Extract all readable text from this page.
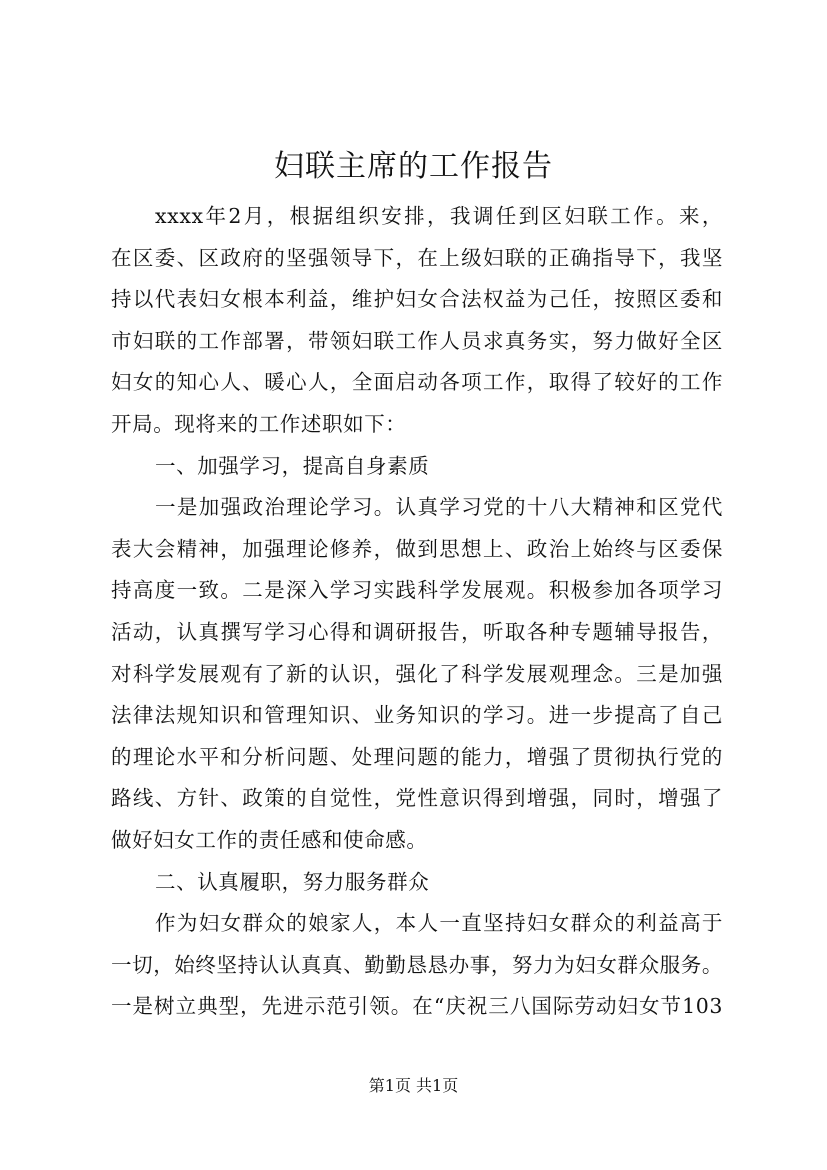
妇联主席的工作报告
xxxx年2月，根据组织安排，我调任到区妇联工作。来，
在区委、区政府的坚强领导下，在上级妇联的正确指导下，我坚
持以代表妇女根本利益，维护妇女合法权益为己任，按照区委和
市妇联的工作部署，带领妇联工作人员求真务实，努力做好全区
妇女的知心人、暖心人，全面启动各项工作，取得了较好的工作
开局。现将来的工作述职如下：
一、加强学习，提高自身素质
一是加强政治理论学习。认真学习党的十八大精神和区党代
表大会精神，加强理论修养，做到思想上、政治上始终与区委保
持高度一致。二是深入学习实践科学发展观。积极参加各项学习
活动，认真撰写学习心得和调研报告，听取各种专题辅导报告，
对科学发展观有了新的认识，强化了科学发展观理念。三是加强
法律法规知识和管理知识、业务知识的学习。进一步提高了自己
的理论水平和分析问题、处理问题的能力，增强了贯彻执行党的
路线、方针、政策的自觉性，党性意识得到增强，同时，增强了
做好妇女工作的责任感和使命感。
二、认真履职，努力服务群众
作为妇女群众的娘家人，本人一直坚持妇女群众的利益高于
一切，始终坚持认认真真、勤勤恳恳办事，努力为妇女群众服务。
一是树立典型，先进示范引领。在“庆祝三八国际劳动妇女节103
第1页 共1页
